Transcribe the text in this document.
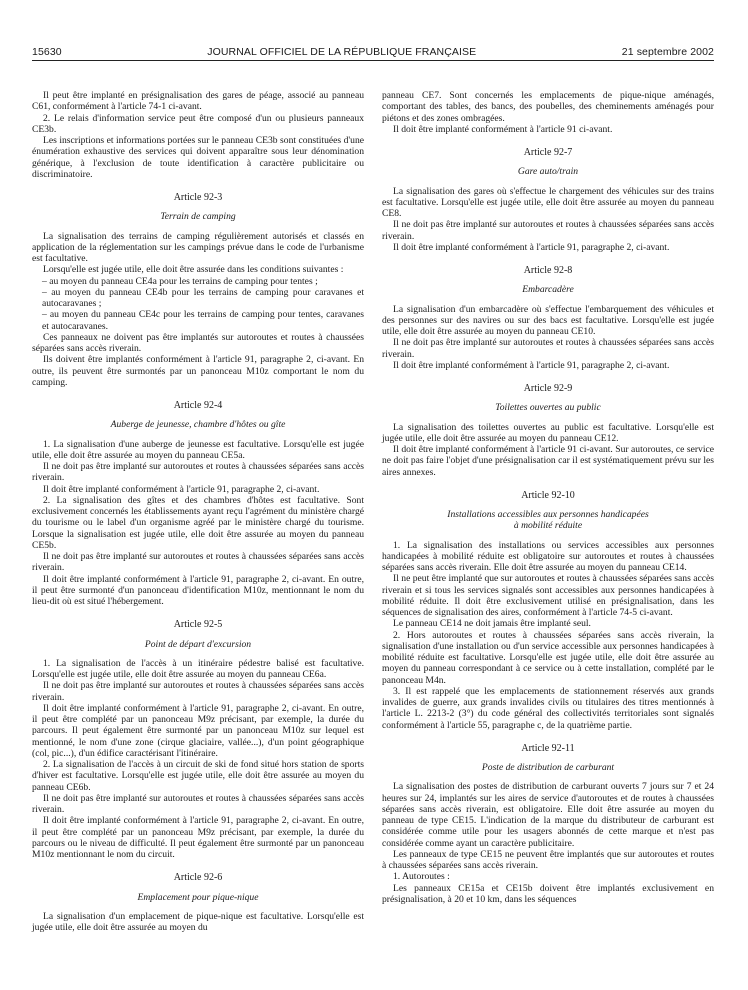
15630	JOURNAL OFFICIEL DE LA RÉPUBLIQUE FRANÇAISE	21 septembre 2002

Il peut être implanté en présignalisation des gares de péage, associé au panneau C61, conformément à l'article 74-1 ci-avant.

2. Le relais d'information service peut être composé d'un ou plusieurs panneaux CE3b.

Les inscriptions et informations portées sur le panneau CE3b sont constituées d'une énumération exhaustive des services qui doivent apparaître sous leur dénomination générique, à l'exclusion de toute identification à caractère publicitaire ou discriminatoire.

Article 92-3
Terrain de camping

La signalisation des terrains de camping régulièrement autorisés et classés en application de la réglementation sur les campings prévue dans le code de l'urbanisme est facultative.

Lorsqu'elle est jugée utile, elle doit être assurée dans les conditions suivantes :

– au moyen du panneau CE4a pour les terrains de camping pour tentes ;

– au moyen du panneau CE4b pour les terrains de camping pour caravanes et autocaravanes ;

– au moyen du panneau CE4c pour les terrains de camping pour tentes, caravanes et autocaravanes.

Ces panneaux ne doivent pas être implantés sur autoroutes et routes à chaussées séparées sans accès riverain.

Ils doivent être implantés conformément à l'article 91, paragraphe 2, ci-avant. En outre, ils peuvent être surmontés par un panonceau M10z comportant le nom du camping.

Article 92-4
Auberge de jeunesse, chambre d'hôtes ou gîte

1. La signalisation d'une auberge de jeunesse est facultative. Lorsqu'elle est jugée utile, elle doit être assurée au moyen du panneau CE5a.

Il ne doit pas être implanté sur autoroutes et routes à chaussées séparées sans accès riverain.

Il doit être implanté conformément à l'article 91, paragraphe 2, ci-avant.

2. La signalisation des gîtes et des chambres d'hôtes est facultative. Sont exclusivement concernés les établissements ayant reçu l'agrément du ministère chargé du tourisme ou le label d'un organisme agréé par le ministère chargé du tourisme. Lorsque la signalisation est jugée utile, elle doit être assurée au moyen du panneau CE5b.

Il ne doit pas être implanté sur autoroutes et routes à chaussées séparées sans accès riverain.

Il doit être implanté conformément à l'article 91, paragraphe 2, ci-avant. En outre, il peut être surmonté d'un panonceau d'identification M10z, mentionnant le nom du lieu-dit où est situé l'hébergement.

Article 92-5
Point de départ d'excursion

1. La signalisation de l'accès à un itinéraire pédestre balisé est facultative. Lorsqu'elle est jugée utile, elle doit être assurée au moyen du panneau CE6a.

Il ne doit pas être implanté sur autoroutes et routes à chaussées séparées sans accès riverain.

Il doit être implanté conformément à l'article 91, paragraphe 2, ci-avant. En outre, il peut être complété par un panonceau M9z précisant, par exemple, la durée du parcours. Il peut également être surmonté par un panonceau M10z sur lequel est mentionné, le nom d'une zone (cirque glaciaire, vallée...), d'un point géographique (col, pic...), d'un édifice caractérisant l'itinéraire.

2. La signalisation de l'accès à un circuit de ski de fond situé hors station de sports d'hiver est facultative. Lorsqu'elle est jugée utile, elle doit être assurée au moyen du panneau CE6b.

Il ne doit pas être implanté sur autoroutes et routes à chaussées séparées sans accès riverain.

Il doit être implanté conformément à l'article 91, paragraphe 2, ci-avant. En outre, il peut être complété par un panonceau M9z précisant, par exemple, la durée du parcours ou le niveau de difficulté. Il peut également être surmonté par un panonceau M10z mentionnant le nom du circuit.

Article 92-6
Emplacement pour pique-nique

La signalisation d'un emplacement de pique-nique est facultative. Lorsqu'elle est jugée utile, elle doit être assurée au moyen du

panneau CE7. Sont concernés les emplacements de pique-nique aménagés, comportant des tables, des bancs, des poubelles, des cheminements aménagés pour piétons et des zones ombragées.

Il doit être implanté conformément à l'article 91 ci-avant.

Article 92-7
Gare auto/train

La signalisation des gares où s'effectue le chargement des véhicules sur des trains est facultative. Lorsqu'elle est jugée utile, elle doit être assurée au moyen du panneau CE8.

Il ne doit pas être implanté sur autoroutes et routes à chaussées séparées sans accès riverain.

Il doit être implanté conformément à l'article 91, paragraphe 2, ci-avant.

Article 92-8
Embarcadère

La signalisation d'un embarcadère où s'effectue l'embarquement des véhicules et des personnes sur des navires ou sur des bacs est facultative. Lorsqu'elle est jugée utile, elle doit être assurée au moyen du panneau CE10.

Il ne doit pas être implanté sur autoroutes et routes à chaussées séparées sans accès riverain.

Il doit être implanté conformément à l'article 91, paragraphe 2, ci-avant.

Article 92-9
Toilettes ouvertes au public

La signalisation des toilettes ouvertes au public est facultative. Lorsqu'elle est jugée utile, elle doit être assurée au moyen du panneau CE12.

Il doit être implanté conformément à l'article 91 ci-avant. Sur autoroutes, ce service ne doit pas faire l'objet d'une présignalisation car il est systématiquement prévu sur les aires annexes.

Article 92-10
Installations accessibles aux personnes handicapées
à mobilité réduite

1. La signalisation des installations ou services accessibles aux personnes handicapées à mobilité réduite est obligatoire sur autoroutes et routes à chaussées séparées sans accès riverain. Elle doit être assurée au moyen du panneau CE14.

Il ne peut être implanté que sur autoroutes et routes à chaussées séparées sans accès riverain et si tous les services signalés sont accessibles aux personnes handicapées à mobilité réduite. Il doit être exclusivement utilisé en présignalisation, dans les séquences de signalisation des aires, conformément à l'article 74-5 ci-avant.

Le panneau CE14 ne doit jamais être implanté seul.

2. Hors autoroutes et routes à chaussées séparées sans accès riverain, la signalisation d'une installation ou d'un service accessible aux personnes handicapées à mobilité réduite est facultative. Lorsqu'elle est jugée utile, elle doit être assurée au moyen du panneau correspondant à ce service ou à cette installation, complété par le panonceau M4n.

3. Il est rappelé que les emplacements de stationnement réservés aux grands invalides de guerre, aux grands invalides civils ou titulaires des titres mentionnés à l'article L. 2213-2 (3°) du code général des collectivités territoriales sont signalés conformément à l'article 55, paragraphe c, de la quatrième partie.

Article 92-11
Poste de distribution de carburant

La signalisation des postes de distribution de carburant ouverts 7 jours sur 7 et 24 heures sur 24, implantés sur les aires de service d'autoroutes et de routes à chaussées séparées sans accès riverain, est obligatoire. Elle doit être assurée au moyen du panneau de type CE15. L'indication de la marque du distributeur de carburant est considérée comme utile pour les usagers abonnés de cette marque et n'est pas considérée comme ayant un caractère publicitaire.

Les panneaux de type CE15 ne peuvent être implantés que sur autoroutes et routes à chaussées séparées sans accès riverain.

1. Autoroutes :

Les panneaux CE15a et CE15b doivent être implantés exclusivement en présignalisation, à 20 et 10 km, dans les séquences
